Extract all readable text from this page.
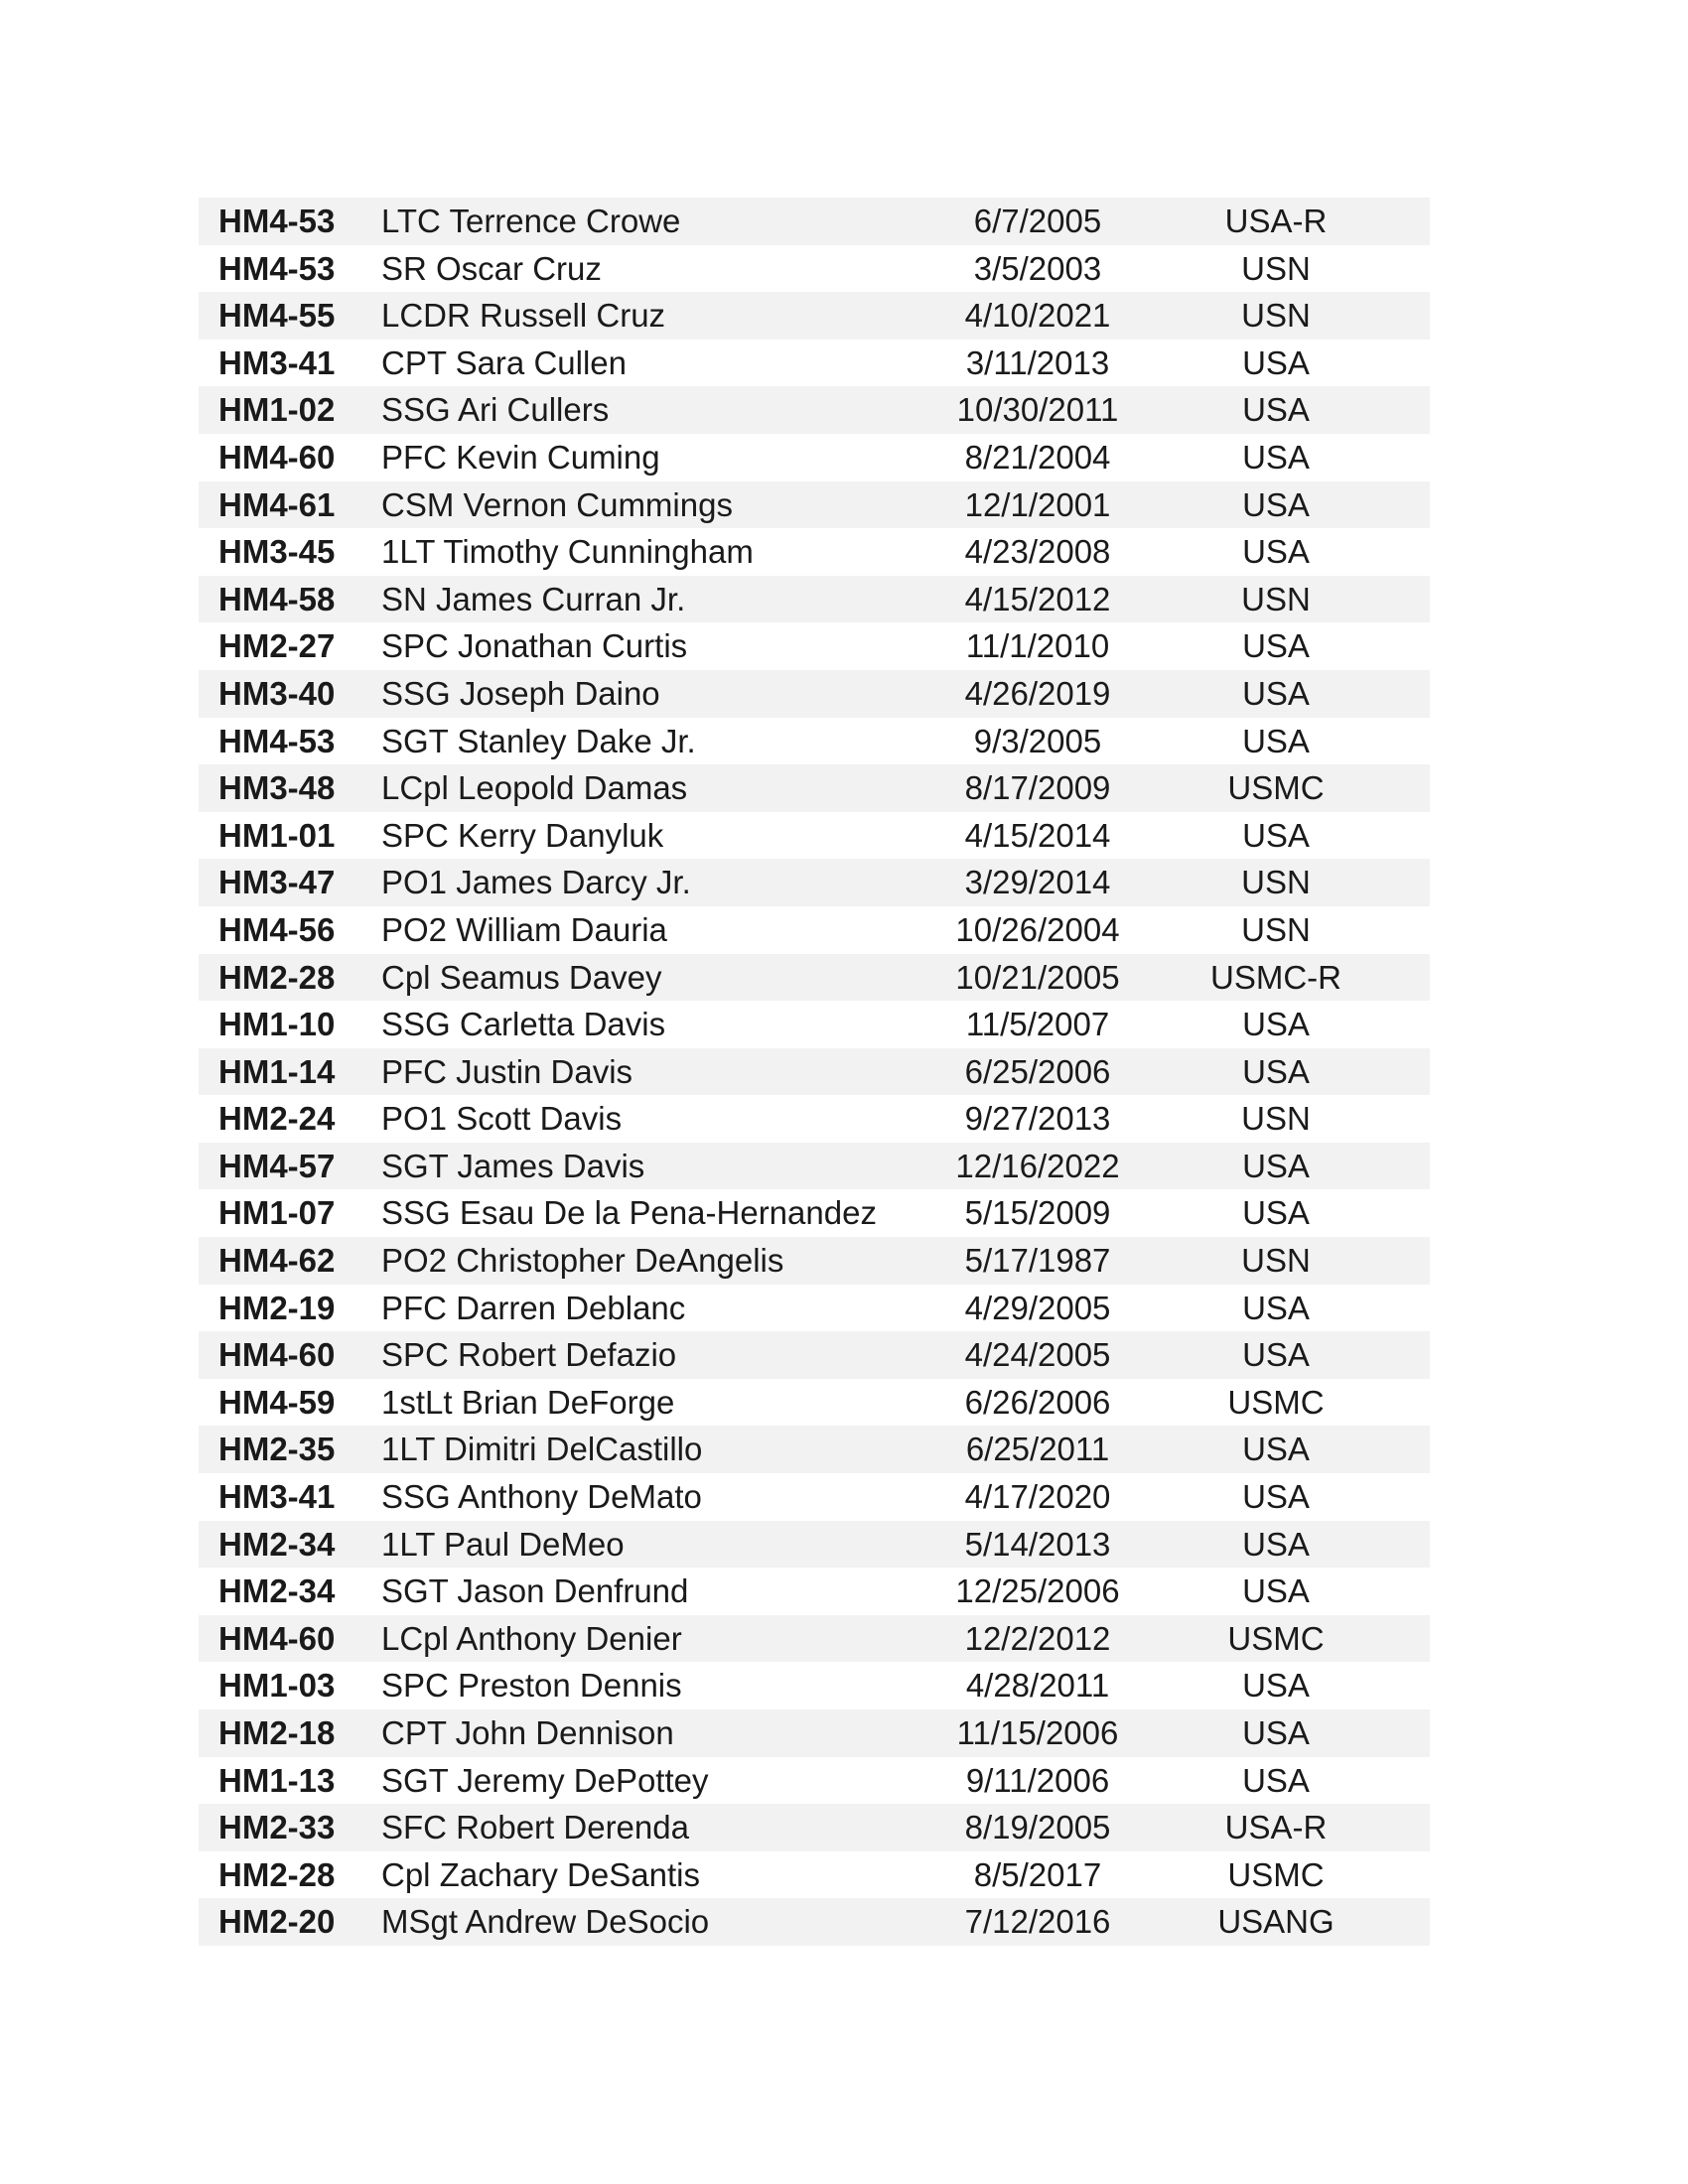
HM4-53	LTC Terrence Crowe	6/7/2005	USA-R
HM4-53	SR Oscar Cruz	3/5/2003	USN
HM4-55	LCDR Russell Cruz	4/10/2021	USN
HM3-41	CPT Sara Cullen	3/11/2013	USA
HM1-02	SSG Ari Cullers	10/30/2011	USA
HM4-60	PFC Kevin Cuming	8/21/2004	USA
HM4-61	CSM Vernon Cummings	12/1/2001	USA
HM3-45	1LT Timothy Cunningham	4/23/2008	USA
HM4-58	SN James Curran Jr.	4/15/2012	USN
HM2-27	SPC Jonathan Curtis	11/1/2010	USA
HM3-40	SSG Joseph Daino	4/26/2019	USA
HM4-53	SGT Stanley Dake Jr.	9/3/2005	USA
HM3-48	LCpl Leopold Damas	8/17/2009	USMC
HM1-01	SPC Kerry Danyluk	4/15/2014	USA
HM3-47	PO1 James Darcy Jr.	3/29/2014	USN
HM4-56	PO2 William Dauria	10/26/2004	USN
HM2-28	Cpl Seamus Davey	10/21/2005	USMC-R
HM1-10	SSG Carletta Davis	11/5/2007	USA
HM1-14	PFC Justin Davis	6/25/2006	USA
HM2-24	PO1 Scott Davis	9/27/2013	USN
HM4-57	SGT James Davis	12/16/2022	USA
HM1-07	SSG Esau De la Pena-Hernandez	5/15/2009	USA
HM4-62	PO2 Christopher DeAngelis	5/17/1987	USN
HM2-19	PFC Darren Deblanc	4/29/2005	USA
HM4-60	SPC Robert Defazio	4/24/2005	USA
HM4-59	1stLt Brian DeForge	6/26/2006	USMC
HM2-35	1LT Dimitri DelCastillo	6/25/2011	USA
HM3-41	SSG Anthony DeMato	4/17/2020	USA
HM2-34	1LT Paul DeMeo	5/14/2013	USA
HM2-34	SGT Jason Denfrund	12/25/2006	USA
HM4-60	LCpl Anthony Denier	12/2/2012	USMC
HM1-03	SPC Preston Dennis	4/28/2011	USA
HM2-18	CPT John Dennison	11/15/2006	USA
HM1-13	SGT Jeremy DePottey	9/11/2006	USA
HM2-33	SFC Robert Derenda	8/19/2005	USA-R
HM2-28	Cpl Zachary DeSantis	8/5/2017	USMC
HM2-20	MSgt Andrew DeSocio	7/12/2016	USANG
